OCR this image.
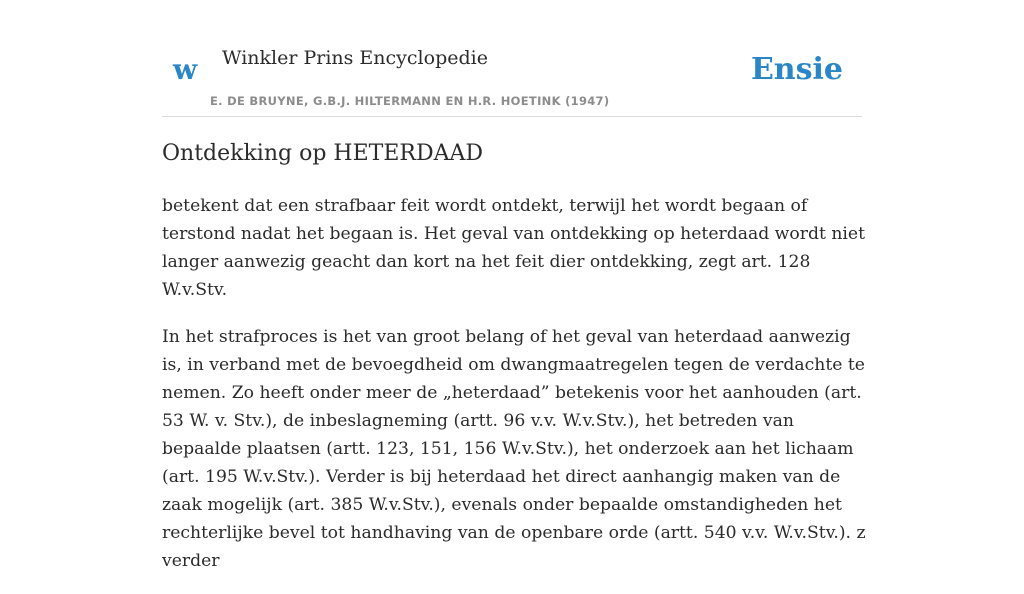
w Winkler Prins Encyclopedie
E. DE BRUYNE, G.B.J. HILTERMANN EN H.R. HOETINK (1947)
Ensie
Ontdekking op HETERDAAD

betekent dat een strafbaar feit wordt ontdekt, terwijl het wordt begaan of terstond nadat het begaan is. Het geval van ontdekking op heterdaad wordt niet langer aanwezig geacht dan kort na het feit dier ontdekking, zegt art. 128 W.v.Stv.

In het strafproces is het van groot belang of het geval van heterdaad aanwezig is, in verband met de bevoegdheid om dwangmaatregelen tegen de verdachte te nemen. Zo heeft onder meer de „heterdaad” betekenis voor het aanhouden (art. 53 W. v. Stv.), de inbeslagneming (artt. 96 v.v. W.v.Stv.), het betreden van bepaalde plaatsen (artt. 123, 151, 156 W.v.Stv.), het onderzoek aan het lichaam (art. 195 W.v.Stv.). Verder is bij heterdaad het direct aanhangig maken van de zaak mogelijk (art. 385 W.v.Stv.), evenals onder bepaalde omstandigheden het rechterlijke bevel tot handhaving van de openbare orde (artt. 540 v.v. W.v.Stv.). z verder
